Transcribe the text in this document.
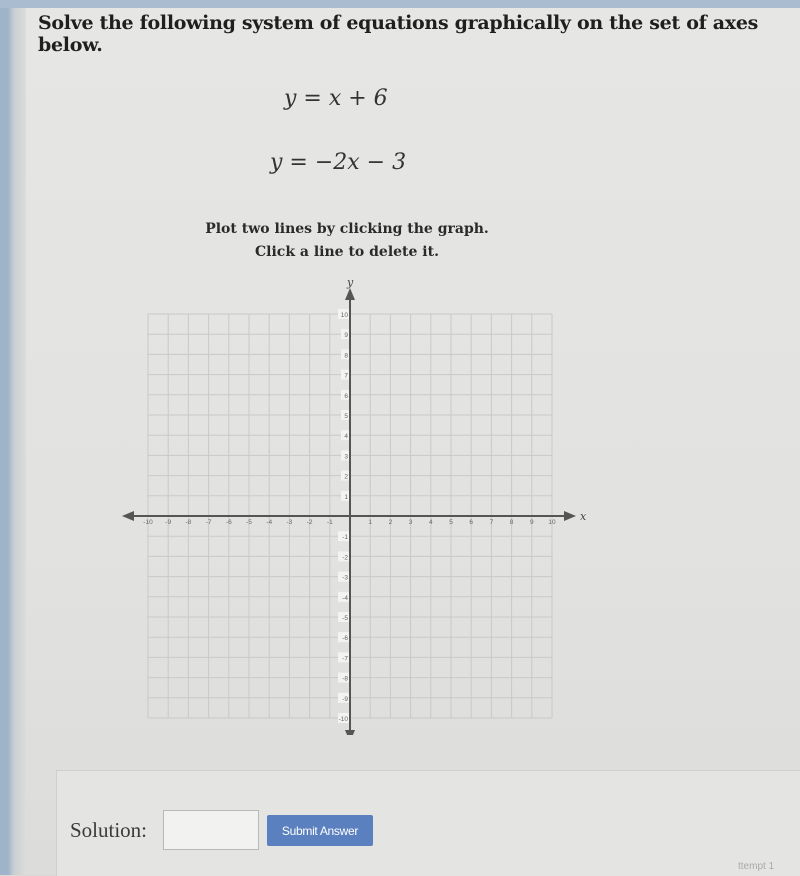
Solve the following system of equations graphically on the set of axes below.
y = x + 6
y = −2x − 3
Plot two lines by clicking the graph.
Click a line to delete it.
x
y
-10 -9 -8 -7 -6 -5 -4 -3 -2 -1	1	2	3	4	5	6	7	8	9 10
10
9
8
7
6
5
4
3
2
1
-1
-2
-3
-4
-5
-6
-7
-8
-9
-10
Solution:	Submit Answer
ttempt 1
